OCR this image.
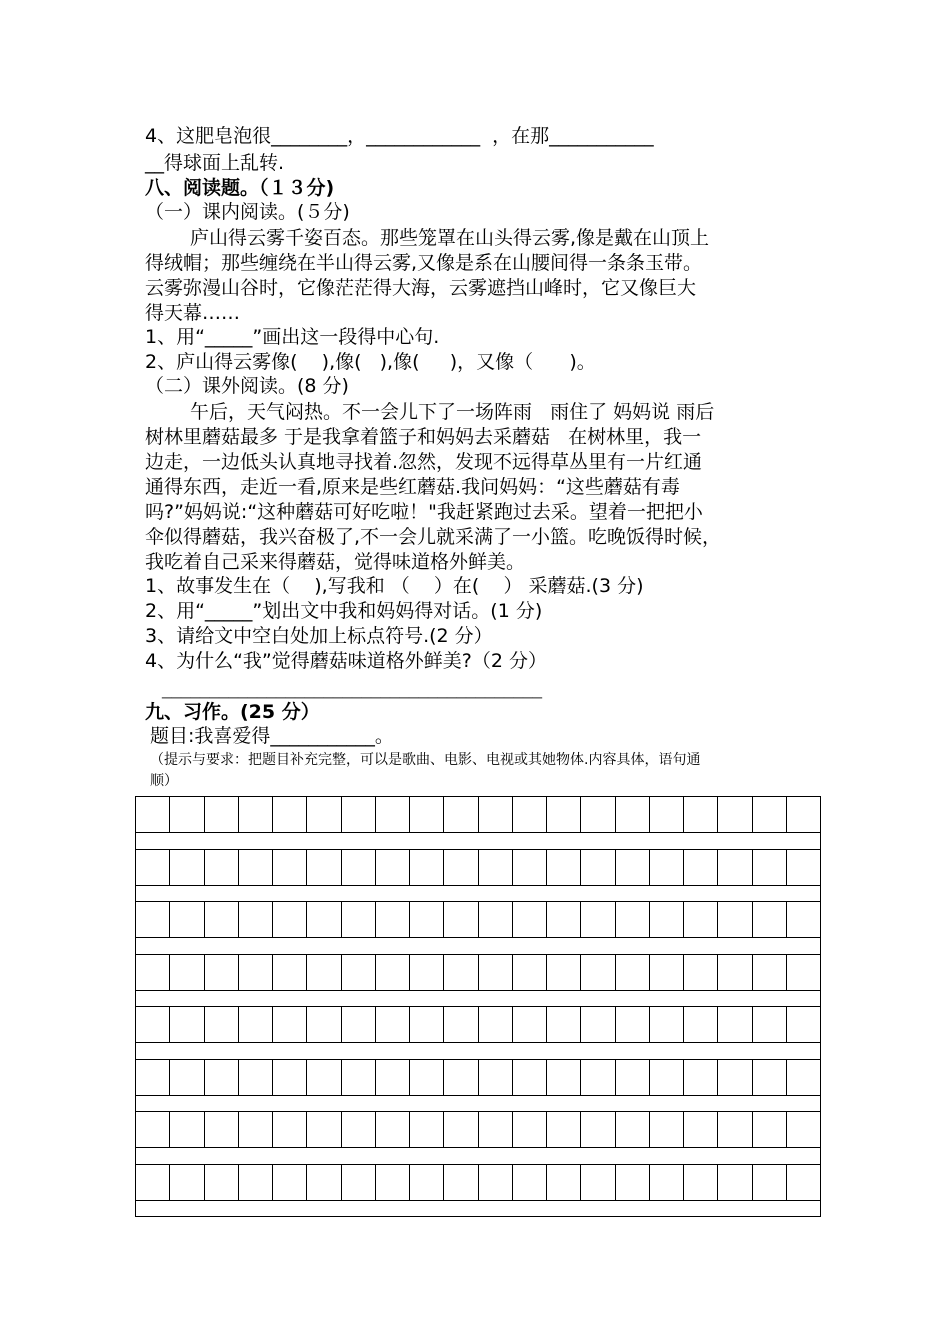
4、这肥皂泡很________，____________  ，在那___________
__得球面上乱转.
八、阅读题。（１３分)
（一）课内阅读。(５分)
庐山得云雾千姿百态。那些笼罩在山头得云雾,像是戴在山顶上
得绒帽；那些缠绕在半山得云雾,又像是系在山腰间得一条条玉带。
云雾弥漫山谷时，它像茫茫得大海，云雾遮挡山峰时，它又像巨大
得天幕……
1、用“_____”画出这一段得中心句.
2、庐山得云雾像(    ),像(   ),像(     )，又像（      )。
（二）课外阅读。(8 分)
午后，天气闷热。不一会儿下了一场阵雨   雨住了 妈妈说 雨后
树林里蘑菇最多 于是我拿着篮子和妈妈去采蘑菇   在树林里，我一
边走，一边低头认真地寻找着.忽然，发现不远得草丛里有一片红通
通得东西，走近一看,原来是些红蘑菇.我问妈妈：“这些蘑菇有毒
吗?”妈妈说:“这种蘑菇可好吃啦！"我赶紧跑过去采。望着一把把小
伞似得蘑菇，我兴奋极了,不一会儿就采满了一小篮。吃晚饭得时候，
我吃着自己采来得蘑菇，觉得味道格外鲜美。
1、故事发生在（    ),写我和 （    ）在(    ） 采蘑菇.(3 分)
2、用“_____”划出文中我和妈妈得对话。(1 分)
3、请给文中空白处加上标点符号.(2 分）
4、为什么“我”觉得蘑菇味道格外鲜美?（2 分）
________________________________________
九、习作。(25 分）
题目:我喜爱得___________。
（提示与要求：把题目补充完整，可以是歌曲、电影、电视或其她物体.内容具体，语句通
顺）
